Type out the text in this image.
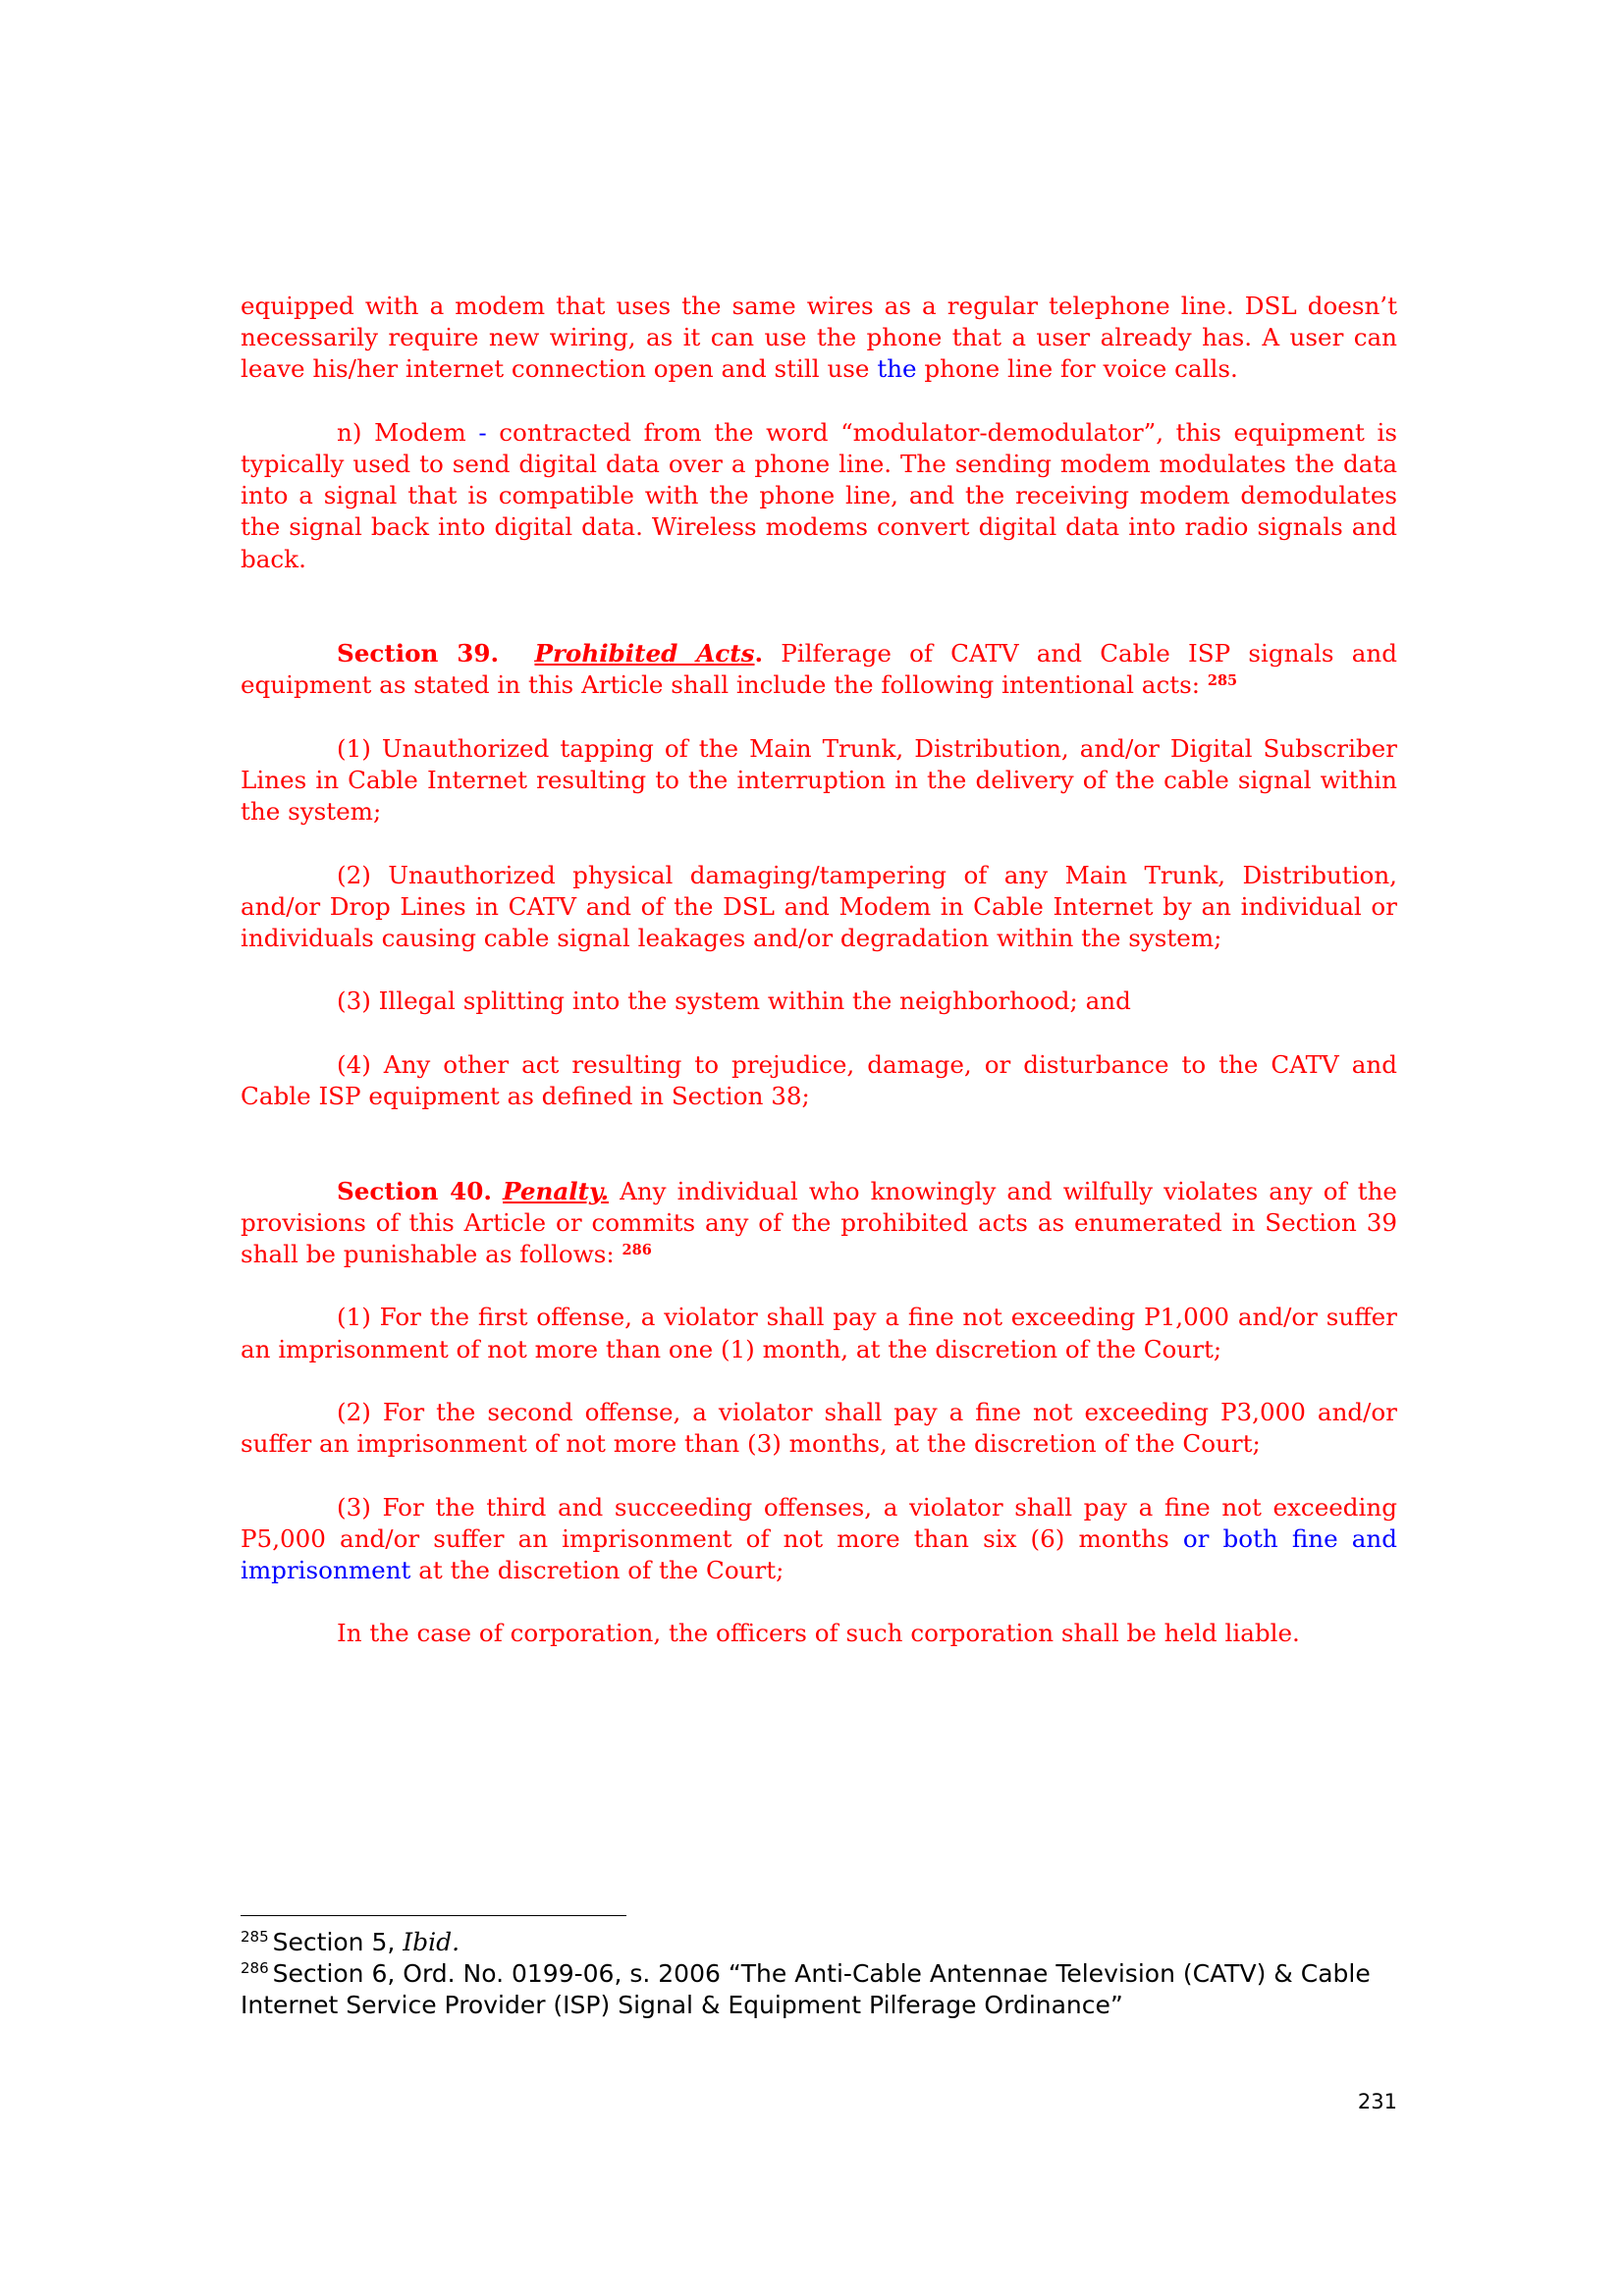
equipped with a modem that uses the same wires as a regular telephone line. DSL doesn’t necessarily require new wiring, as it can use the phone that a user already has. A user can leave his/her internet connection open and still use the phone line for voice calls.

n) Modem - contracted from the word “modulator-demodulator”, this equipment is typically used to send digital data over a phone line. The sending modem modulates the data into a signal that is compatible with the phone line, and the receiving modem demodulates the signal back into digital data. Wireless modems convert digital data into radio signals and back.

Section 39. Prohibited Acts. Pilferage of CATV and Cable ISP signals and equipment as stated in this Article shall include the following intentional acts: $^{285}$

(1) Unauthorized tapping of the Main Trunk, Distribution, and/or Digital Subscriber Lines in Cable Internet resulting to the interruption in the delivery of the cable signal within the system;

(2) Unauthorized physical damaging/tampering of any Main Trunk, Distribution, and/or Drop Lines in CATV and of the DSL and Modem in Cable Internet by an individual or individuals causing cable signal leakages and/or degradation within the system;

(3) Illegal splitting into the system within the neighborhood; and

(4) Any other act resulting to prejudice, damage, or disturbance to the CATV and Cable ISP equipment as defined in Section 38;

Section 40. Penalty. Any individual who knowingly and wilfully violates any of the provisions of this Article or commits any of the prohibited acts as enumerated in Section 39 shall be punishable as follows: $^{286}$

(1) For the first offense, a violator shall pay a fine not exceeding P1,000 and/or suffer an imprisonment of not more than one (1) month, at the discretion of the Court;

(2) For the second offense, a violator shall pay a fine not exceeding P3,000 and/or suffer an imprisonment of not more than (3) months, at the discretion of the Court;

(3) For the third and succeeding offenses, a violator shall pay a fine not exceeding P5,000 and/or suffer an imprisonment of not more than six (6) months or both fine and imprisonment at the discretion of the Court;

In the case of corporation, the officers of such corporation shall be held liable.

$^{285}$ Section 5, Ibid.

$^{286}$ Section 6, Ord. No. 0199-06, s. 2006 “The Anti-Cable Antennae Television (CATV) & Cable Internet Service Provider (ISP) Signal & Equipment Pilferage Ordinance”

231
